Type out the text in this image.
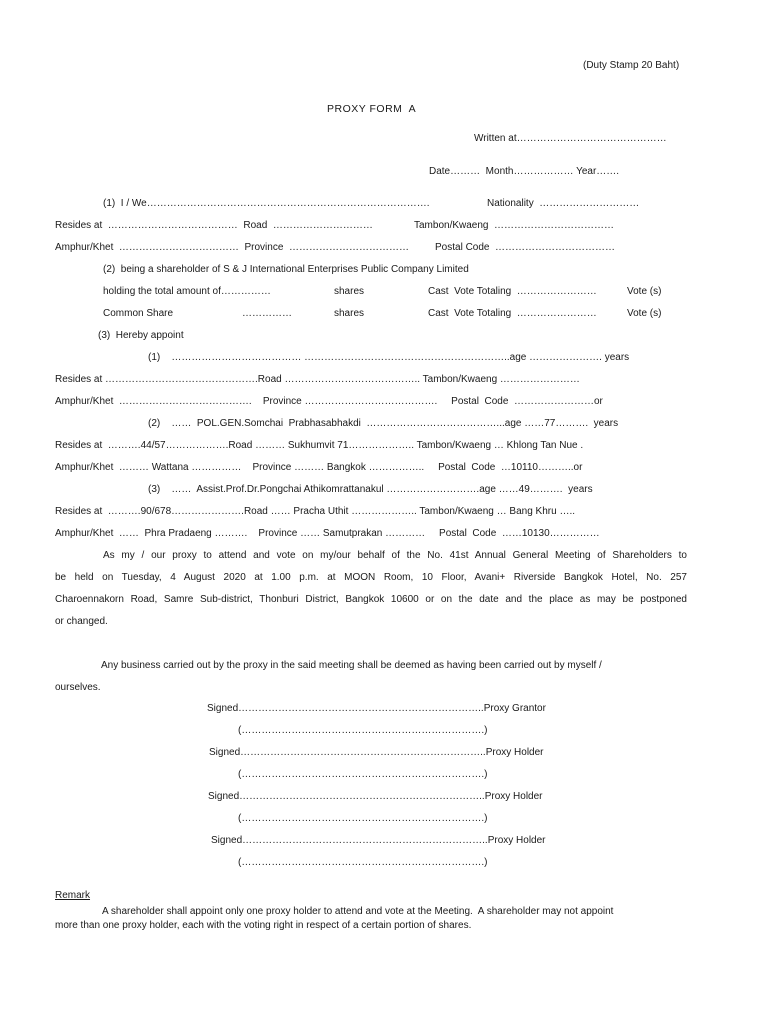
(Duty Stamp 20 Baht)
PROXY FORM  A
Written at………………………………………
Date………  Month……………… Year…….
(1)  I / We………………………………………………………………………….	Nationality  …………………………
Resides at  …………………………………  Road  …………………………	Tambon/Kwaeng  ………………………………
Amphur/Khet  ………………………………  Province  ………………………………	Postal Code  ………………………………
(2)  being a shareholder of S & J International Enterprises Public Company Limited
holding the total amount of……………	shares	Cast  Vote Totaling  ……………………	Vote (s)
Common Share	……………	shares	Cast  Vote Totaling  ……………………	Vote (s)
(3)  Hereby appoint
(1)    ………………………………… ……………………………………………………..age …………………. years
Resides at ……………………………………….Road ………………………………….. Tambon/Kwaeng ……………………
Amphur/Khet  ………………………………….    Province ………………………………….     Postal  Code  ……………………or
(2)    ……  POL.GEN.Somchai  Prabhasabhakdi  …………………………………...age ……77……….  years
Resides at  ……….44/57……………….Road ……… Sukhumvit 71……………….. Tambon/Kwaeng … Khlong Tan Nue .
Amphur/Khet  ……… Wattana ……………    Province ……… Bangkok ……………..     Postal  Code  …10110………..or
(3)    ……  Assist.Prof.Dr.Pongchai Athikomrattanakul ……………………….age ……49……….  years
Resides at  ……….90/678………………….Road …… Pracha Uthit ……………….. Tambon/Kwaeng … Bang Khru …..
Amphur/Khet  ……  Phra Pradaeng ……….    Province …… Samutprakan …………     Postal  Code  ……10130……………
As my / our proxy to attend and vote on my/our behalf of the No. 41st Annual General Meeting of Shareholders to
be held on Tuesday, 4 August 2020 at 1.00 p.m. at MOON Room, 10 Floor, Avani+ Riverside Bangkok Hotel, No. 257
Charoennakorn Road, Samre Sub-district, Thonburi District, Bangkok 10600 or on the date and the place as may be postponed
or changed.
Any business carried out by the proxy in the said meeting shall be deemed as having been carried out by myself /
ourselves.
Signed………………………………………………………………..Proxy Grantor
(……………………………………………………………….)
Signed………………………………………………………………..Proxy Holder
(……………………………………………………………….)
Signed………………………………………………………………..Proxy Holder
(……………………………………………………………….)
Signed………………………………………………………………..Proxy Holder
(……………………………………………………………….)
Remark
A shareholder shall appoint only one proxy holder to attend and vote at the Meeting.  A shareholder may not appoint
more than one proxy holder, each with the voting right in respect of a certain portion of shares.
